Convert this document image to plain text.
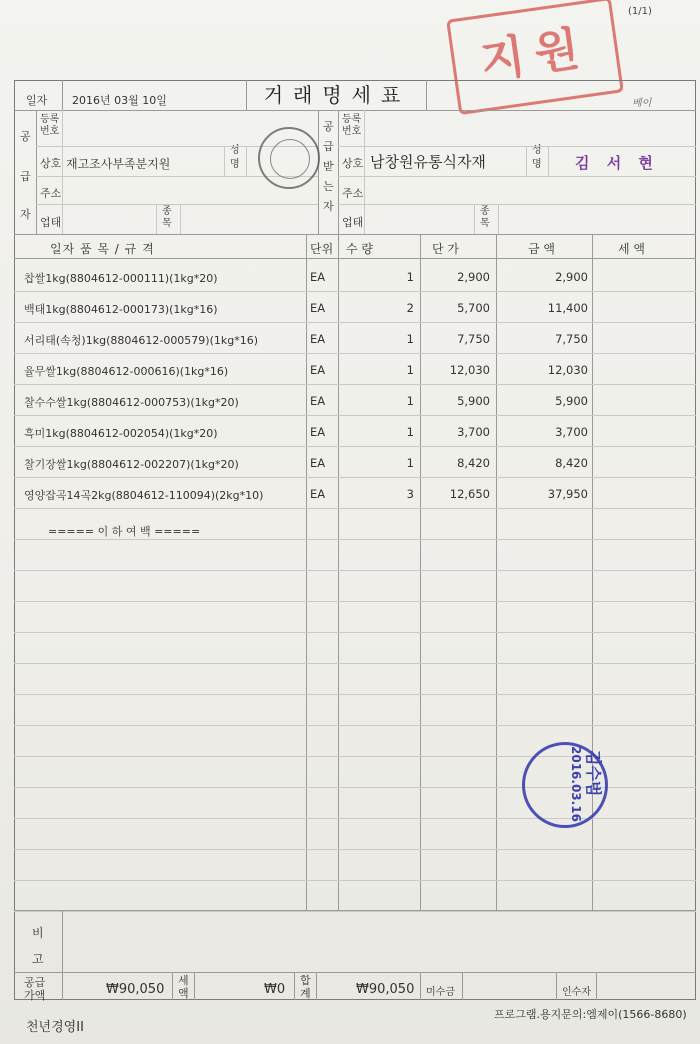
(1/1)
지원
베이
일자 2016년 03월 10일	거래명세표
공
급
자
등록번호
상호 재고조사부족분지원
성명
주소
업태
종목
공
급
받
는
자
등록번호
상호 남창원유통식자재
성명 김 서 현
주소
업태
종목
일자 품 목 / 규 격	단위 수 량	단 가	금 액	세 액
찹쌀1kg(8804612-000111)(1kg*20)	EA	1	2,900	2,900
백태1kg(8804612-000173)(1kg*16)	EA	2	5,700	11,400
서리태(속청)1kg(8804612-000579)(1kg*16)	EA	1	7,750	7,750
율무쌀1kg(8804612-000616)(1kg*16)	EA	1	12,030	12,030
찰수수쌀1kg(8804612-000753)(1kg*20)	EA	1	5,900	5,900
흑미1kg(8804612-002054)(1kg*20)	EA	1	3,700	3,700
찰기장쌀1kg(8804612-002207)(1kg*20)	EA	1	8,420	8,420
영양잡곡14곡2kg(8804612-110094)(2kg*10)	EA	3	12,650	37,950
===== 이 하 여 백 =====
김수범
2016.03.16
비
고
공급
가액	₩90,050
세
액	₩0
합
계	₩90,050 미수금	인수자
천년경영II
프로그램.용지문의:엠제이(1566-8680)
